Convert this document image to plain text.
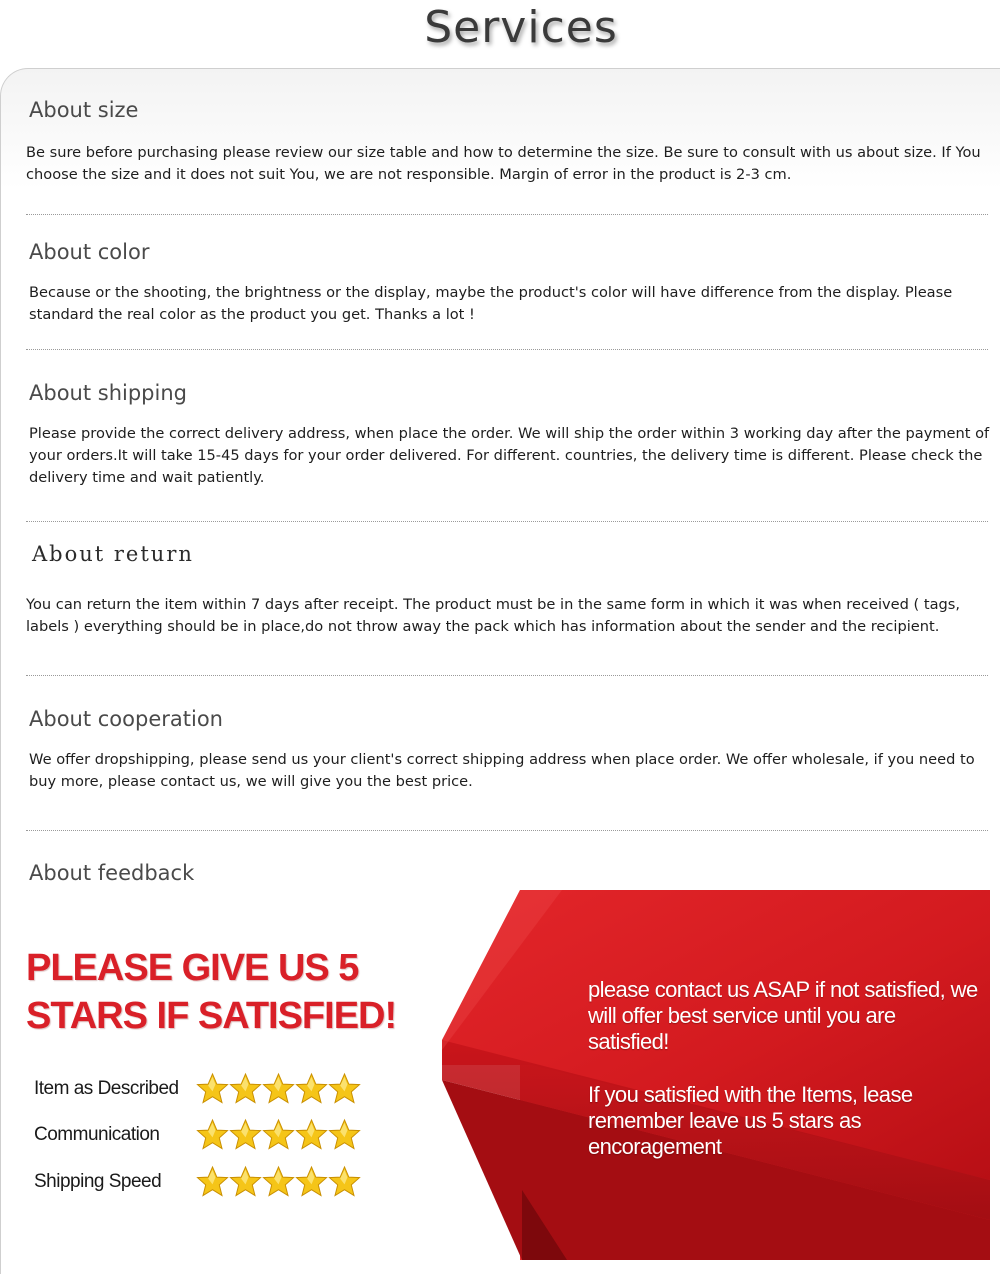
Services
About size

Be sure before purchasing please review our size table and how to determine the size. Be sure to consult with us about size. If You choose the size and it does not suit You, we are not responsible. Margin of error in the product is 2-3 cm.

About color

Because or the shooting, the brightness or the display, maybe the product's color will have difference from the display. Please standard the real color as the product you get. Thanks a lot !

About shipping

Please provide the correct delivery address, when place the order. We will ship the order within 3 working day after the payment of your orders.It will take 15-45 days for your order delivered. For different. countries, the delivery time is different. Please check the delivery time and wait patiently.

About return

You can return the item within 7 days after receipt. The product must be in the same form in which it was when received ( tags, labels ) everything should be in place,do not throw away the pack which has information about the sender and the recipient.

About cooperation

We offer dropshipping, please send us your client's correct shipping address when place order. We offer wholesale, if you need to buy more, please contact us, we will give you the best price.

About feedback
PLEASE GIVE US 5
STARS IF SATISFIED!
Item as Described
Communication
Shipping Speed

please contact us ASAP if not satisfied, we will offer best service until you are satisfied!

If you satisfied with the Items, lease remember leave us 5 stars as encoragement
